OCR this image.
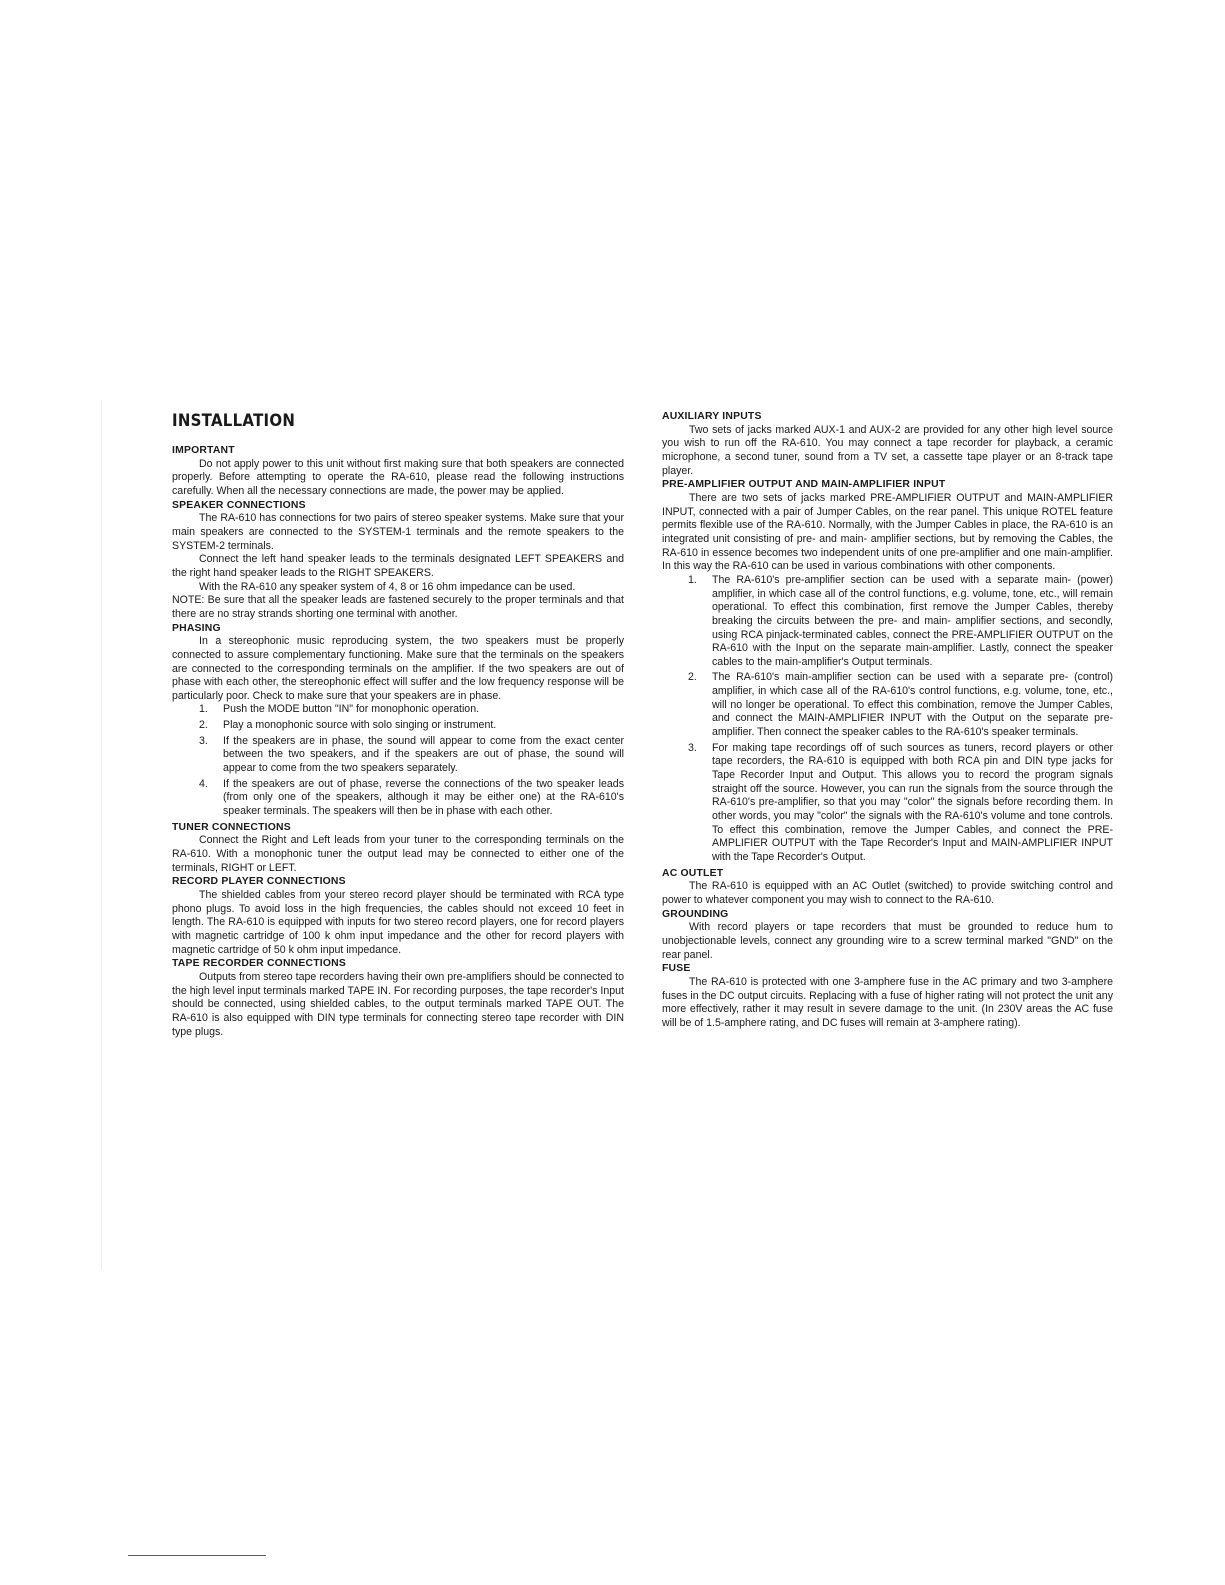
INSTALLATION

IMPORTANT

Do not apply power to this unit without first making sure that both speakers are connected properly. Before attempting to operate the RA-610, please read the following instructions carefully. When all the necessary connections are made, the power may be applied.

SPEAKER CONNECTIONS

The RA-610 has connections for two pairs of stereo speaker systems. Make sure that your main speakers are connected to the SYSTEM-1 terminals and the remote speakers to the SYSTEM-2 terminals.

Connect the left hand speaker leads to the terminals designated LEFT SPEAKERS and the right hand speaker leads to the RIGHT SPEAKERS.

With the RA-610 any speaker system of 4, 8 or 16 ohm impedance can be used.

NOTE: Be sure that all the speaker leads are fastened securely to the proper terminals and that there are no stray strands shorting one terminal with another.

PHASING

In a stereophonic music reproducing system, the two speakers must be properly connected to assure complementary functioning. Make sure that the terminals on the speakers are connected to the corresponding terminals on the amplifier. If the two speakers are out of phase with each other, the stereophonic effect will suffer and the low frequency response will be particularly poor. Check to make sure that your speakers are in phase.

1.	Push the MODE button "IN" for monophonic operation.
2.	Play a monophonic source with solo singing or instrument.
3.	If the speakers are in phase, the sound will appear to come from the exact center between the two speakers, and if the speakers are out of phase, the sound will appear to come from the two speakers separately.
4.	If the speakers are out of phase, reverse the connections of the two speaker leads (from only one of the speakers, although it may be either one) at the RA-610's speaker terminals. The speakers will then be in phase with each other.

TUNER CONNECTIONS

Connect the Right and Left leads from your tuner to the corresponding terminals on the RA-610. With a monophonic tuner the output lead may be connected to either one of the terminals, RIGHT or LEFT.

RECORD PLAYER CONNECTIONS

The shielded cables from your stereo record player should be terminated with RCA type phono plugs. To avoid loss in the high frequencies, the cables should not exceed 10 feet in length. The RA-610 is equipped with inputs for two stereo record players, one for record players with magnetic cartridge of 100 k ohm input impedance and the other for record players with magnetic cartridge of 50 k ohm input impedance.

TAPE RECORDER CONNECTIONS

Outputs from stereo tape recorders having their own pre-amplifiers should be connected to the high level input terminals marked TAPE IN. For recording purposes, the tape recorder's Input should be connected, using shielded cables, to the output terminals marked TAPE OUT. The RA-610 is also equipped with DIN type terminals for connecting stereo tape recorder with DIN type plugs.

AUXILIARY INPUTS

Two sets of jacks marked AUX-1 and AUX-2 are provided for any other high level source you wish to run off the RA-610. You may connect a tape recorder for playback, a ceramic microphone, a second tuner, sound from a TV set, a cassette tape player or an 8-track tape player.

PRE-AMPLIFIER OUTPUT AND MAIN-AMPLIFIER INPUT

There are two sets of jacks marked PRE-AMPLIFIER OUTPUT and MAIN-AMPLIFIER INPUT, connected with a pair of Jumper Cables, on the rear panel. This unique ROTEL feature permits flexible use of the RA-610. Normally, with the Jumper Cables in place, the RA-610 is an integrated unit consisting of pre- and main- amplifier sections, but by removing the Cables, the RA-610 in essence becomes two independent units of one pre-amplifier and one main-amplifier. In this way the RA-610 can be used in various combinations with other components.

1.	The RA-610's pre-amplifier section can be used with a separate main- (power) amplifier, in which case all of the control functions, e.g. volume, tone, etc., will remain operational. To effect this combination, first remove the Jumper Cables, thereby breaking the circuits between the pre- and main- amplifier sections, and secondly, using RCA pinjack-terminated cables, connect the PRE-AMPLIFIER OUTPUT on the RA-610 with the Input on the separate main-amplifier. Lastly, connect the speaker cables to the main-amplifier's Output terminals.
2.	The RA-610's main-amplifier section can be used with a separate pre- (control) amplifier, in which case all of the RA-610's control functions, e.g. volume, tone, etc., will no longer be operational. To effect this combination, remove the Jumper Cables, and connect the MAIN-AMPLIFIER INPUT with the Output on the separate pre-amplifier. Then connect the speaker cables to the RA-610's speaker terminals.
3.	For making tape recordings off of such sources as tuners, record players or other tape recorders, the RA-610 is equipped with both RCA pin and DIN type jacks for Tape Recorder Input and Output. This allows you to record the program signals straight off the source. However, you can run the signals from the source through the RA-610's pre-amplifier, so that you may "color" the signals before recording them. In other words, you may "color" the signals with the RA-610's volume and tone controls. To effect this combination, remove the Jumper Cables, and connect the PRE-AMPLIFIER OUTPUT with the Tape Recorder's Input and MAIN-AMPLIFIER INPUT with the Tape Recorder's Output.

AC OUTLET

The RA-610 is equipped with an AC Outlet (switched) to provide switching control and power to whatever component you may wish to connect to the RA-610.

GROUNDING

With record players or tape recorders that must be grounded to reduce hum to unobjectionable levels, connect any grounding wire to a screw terminal marked "GND" on the rear panel.

FUSE

The RA-610 is protected with one 3-amphere fuse in the AC primary and two 3-amphere fuses in the DC output circuits. Replacing with a fuse of higher rating will not protect the unit any more effectively, rather it may result in severe damage to the unit. (In 230V areas the AC fuse will be of 1.5-amphere rating, and DC fuses will remain at 3-amphere rating).
